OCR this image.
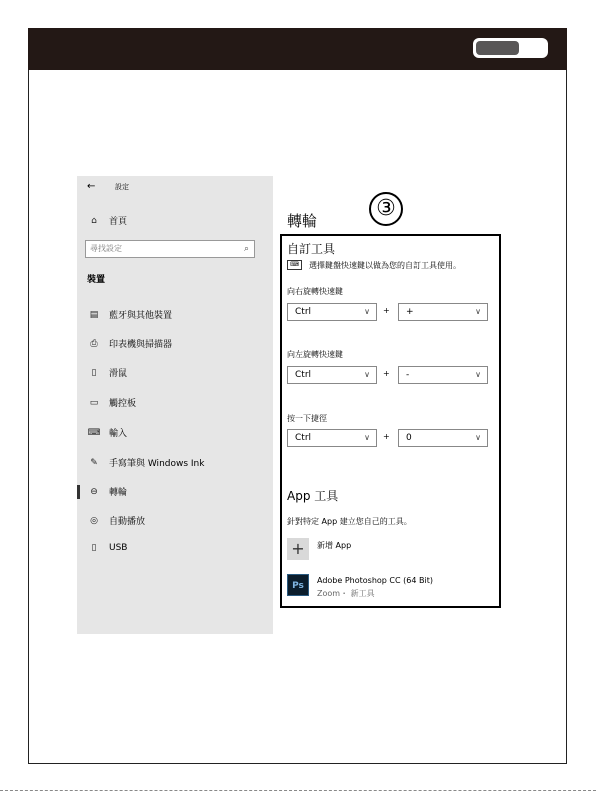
←	設定
⌂	首頁
尋找設定	⌕
裝置
▤	藍牙與其他裝置
⎙	印表機與掃描器
▯	滑鼠
▭	觸控板
⌨ 輸入
✎	手寫筆與 Windows Ink
⊖	轉輪
◎	自動播放
▯	USB
轉輪	③
自訂工具
⌨	選擇鍵盤快速鍵以做為您的自訂工具使用。
向右旋轉快速鍵
Ctrl	∨ +	+	∨
向左旋轉快速鍵
Ctrl	∨ +	-	∨
按一下捷徑
Ctrl	∨ +	0	∨
App 工具
針對特定 App 建立您自己的工具。
+	新增 App
Ps
Adobe Photoshop CC (64 Bit)
Zoom・ 新工具
